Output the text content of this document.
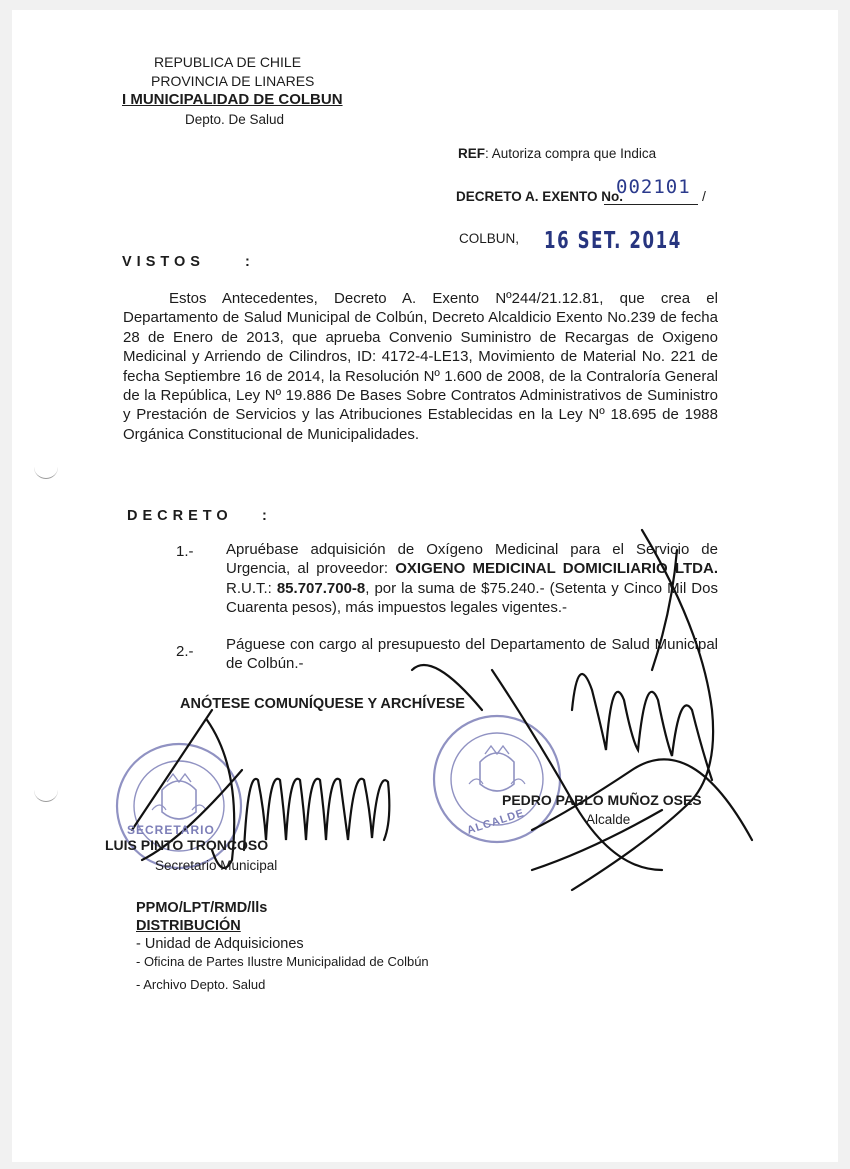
REPUBLICA DE CHILE
PROVINCIA DE LINARES
I MUNICIPALIDAD DE COLBUN
Depto. De Salud
REF: Autoriza compra que Indica
DECRETO A. EXENTO No.
002101 /
COLBUN, 16 SET. 2014
VISTOS	:

Estos Antecedentes, Decreto A. Exento Nº244/21.12.81, que crea el Departamento de Salud Municipal de Colbún, Decreto Alcaldicio Exento No.239 de fecha 28 de Enero de 2013, que aprueba Convenio Suministro de Recargas de Oxigeno Medicinal y Arriendo de Cilindros, ID: 4172-4-LE13, Movimiento de Material No. 221 de fecha Septiembre 16 de 2014, la Resolución Nº 1.600 de 2008, de la Contraloría General de la República, Ley Nº 19.886 De Bases Sobre Contratos Administrativos de Suministro y Prestación de Servicios y las Atribuciones Establecidas en la Ley Nº 18.695 de 1988 Orgánica Constitucional de Municipalidades.

DECRETO :
1.- Apruébase adquisición de Oxígeno Medicinal para el Servicio de Urgencia, al proveedor: OXIGENO MEDICINAL DOMICILIARIO LTDA. R.U.T.: 85.707.700-8, por la suma de $75.240.- (Setenta y Cinco Mil Dos Cuarenta pesos), más impuestos legales vigentes.-
2.- Páguese con cargo al presupuesto del Departamento de Salud Municipal de Colbún.-
ANÓTESE COMUNÍQUESE Y ARCHÍVESE
SECRETARIO	ALCALDE
PEDRO PABLO MUÑOZ OSES
Alcalde
LUIS PINTO TRONCOSO
Secretario Municipal
PPMO/LPT/RMD/lls
DISTRIBUCIÓN
- Unidad de Adquisiciones
- Oficina de Partes Ilustre Municipalidad de Colbún
- Archivo Depto. Salud
